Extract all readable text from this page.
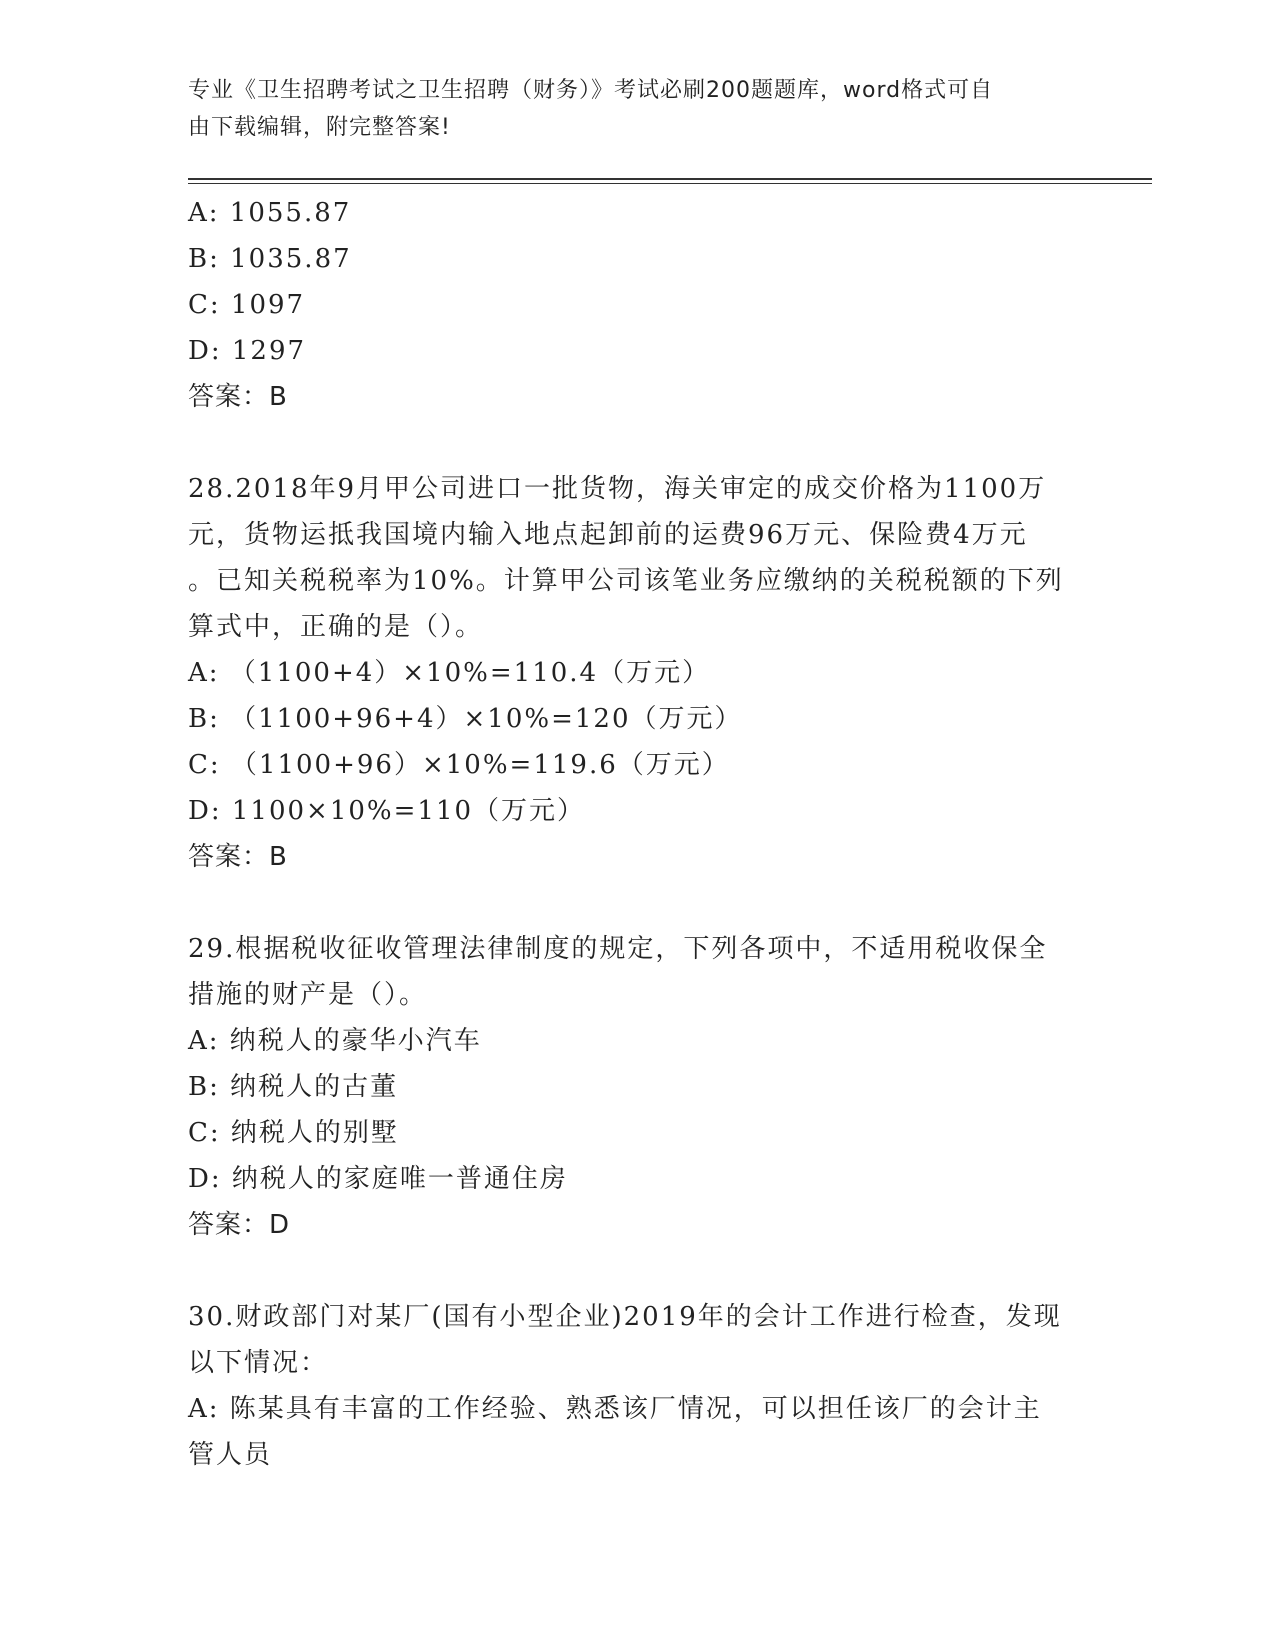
专业《卫生招聘考试之卫生招聘（财务）》考试必刷200题题库，word格式可自
由下载编辑，附完整答案!
A: 1055.87
B: 1035.87
C: 1097
D: 1297
答案：B
28.2018年9月甲公司进口一批货物，海关审定的成交价格为1100万
元，货物运抵我国境内输入地点起卸前的运费96万元、保险费4万元
。已知关税税率为10%。计算甲公司该笔业务应缴纳的关税税额的下列
算式中，正确的是（）。
A: （1100+4）×10%=110.4（万元）
B: （1100+96+4）×10%=120（万元）
C: （1100+96）×10%=119.6（万元）
D: 1100×10%=110（万元）
答案：B
29.根据税收征收管理法律制度的规定，下列各项中，不适用税收保全
措施的财产是（）。
A: 纳税人的豪华小汽车
B: 纳税人的古董
C: 纳税人的别墅
D: 纳税人的家庭唯一普通住房
答案：D
30.财政部门对某厂(国有小型企业)2019年的会计工作进行检查，发现
以下情况：
A: 陈某具有丰富的工作经验、熟悉该厂情况，可以担任该厂的会计主
管人员
